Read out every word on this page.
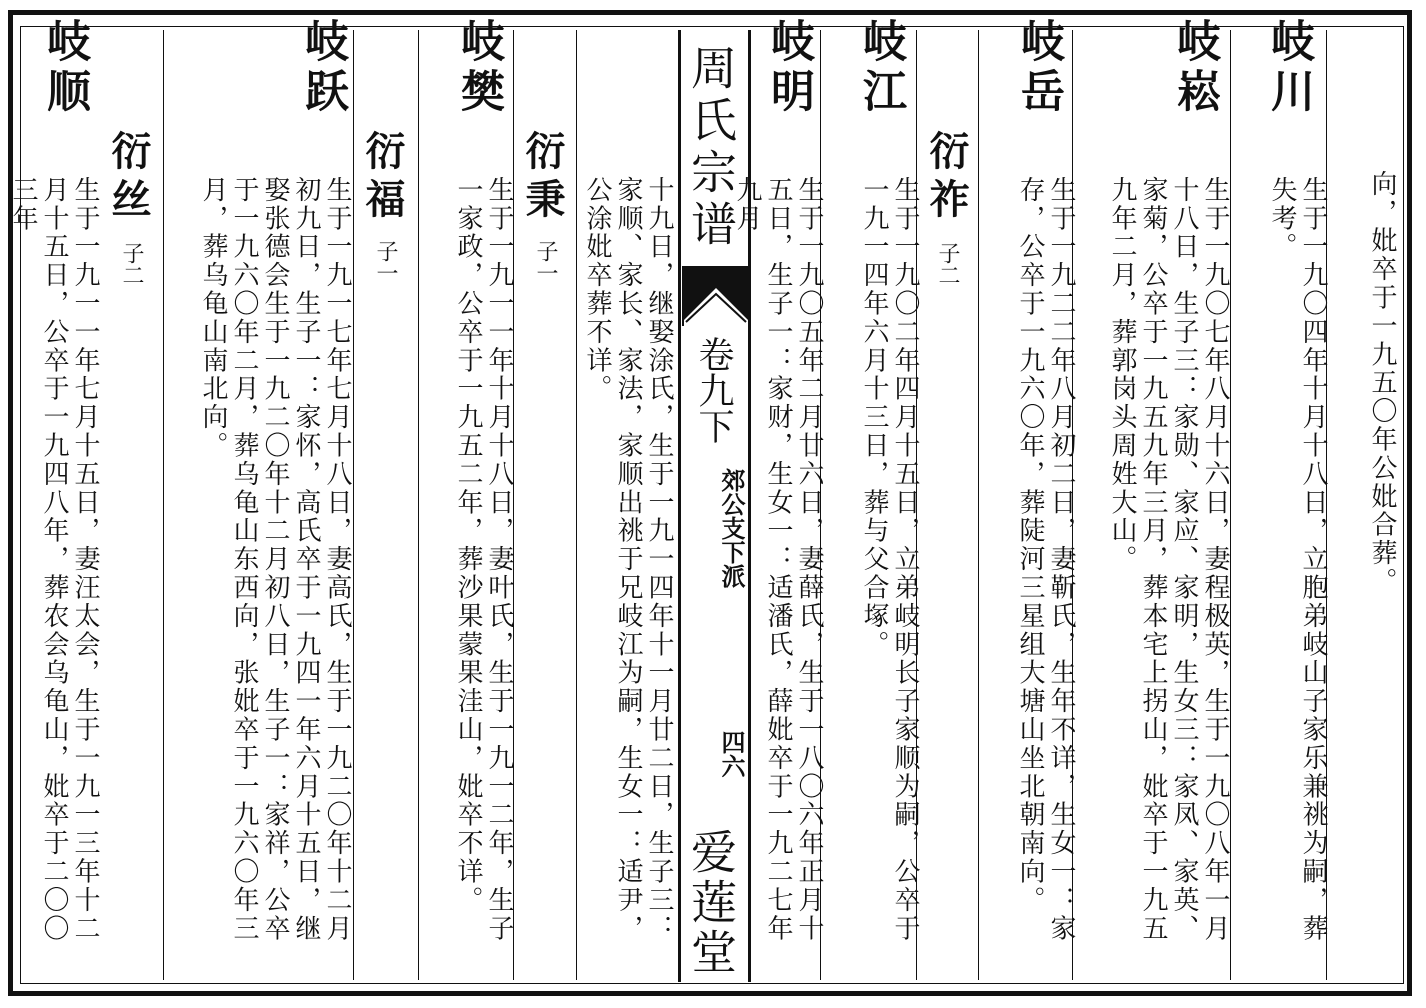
周氏宗谱
卷九下
郊公支下派
四六
爱莲堂
向，妣卒于一九五〇年公妣合葬。
岐川
生于一九〇四年十月十八日，立胞弟岐山子家乐兼祧为嗣，葬失考。
岐崧
生于一九〇七年八月十六日，妻程极英，生于一九〇八年一月十八日，生子三：家勋、家应、家明，生女三：家凤、家英、家菊，公卒于一九五九年三月，葬本宅上拐山，妣卒于一九五九年二月，葬郭岗头周姓大山。
岐岳
生于一九二二年八月初二日，妻靳氏，生年不详，生女一：家存，公卒于一九六〇年，葬陡河三星组大塘山坐北朝南向。
衍祚
子二
岐江
生于一九〇二年四月十五日，立弟岐明长子家顺为嗣，公卒于一九一四年六月十三日，葬与父合塚。
岐明
生于一九〇五年二月廿六日，妻薛氏，生于一八〇六年正月十五日，生子一：家财，生女一：适潘氏，薛妣卒于一九二七年九月
十九日，继娶涂氏，生于一九一四年十一月廿二日，生子三：家顺、家长、家法，家顺出祧于兄岐江为嗣，生女一：适尹，公涂妣卒葬不详。
衍秉
子一
岐樊
生于一九一一年十月十八日，妻叶氏，生于一九一二年，生子一家政，公卒于一九五二年，葬沙果蒙果洼山，妣卒不详。
衍福
子一
岐跃
生于一九一七年七月十八日，妻高氏，生于一九二〇年十二月初九日，生子一：家怀，高氏卒于一九四一年六月十五日，继娶张德会生于一九二〇年十二月初八日，生子一：家祥，公卒于一九六〇年二月，葬乌龟山东西向，张妣卒于一九六〇年三月，葬乌龟山南北向。
衍丝
子二
岐顺
生于一九一一年七月十五日，妻汪太会，生于一九一三年十二月十五日，公卒于一九四八年，葬农会乌龟山，妣卒于二〇〇三年
